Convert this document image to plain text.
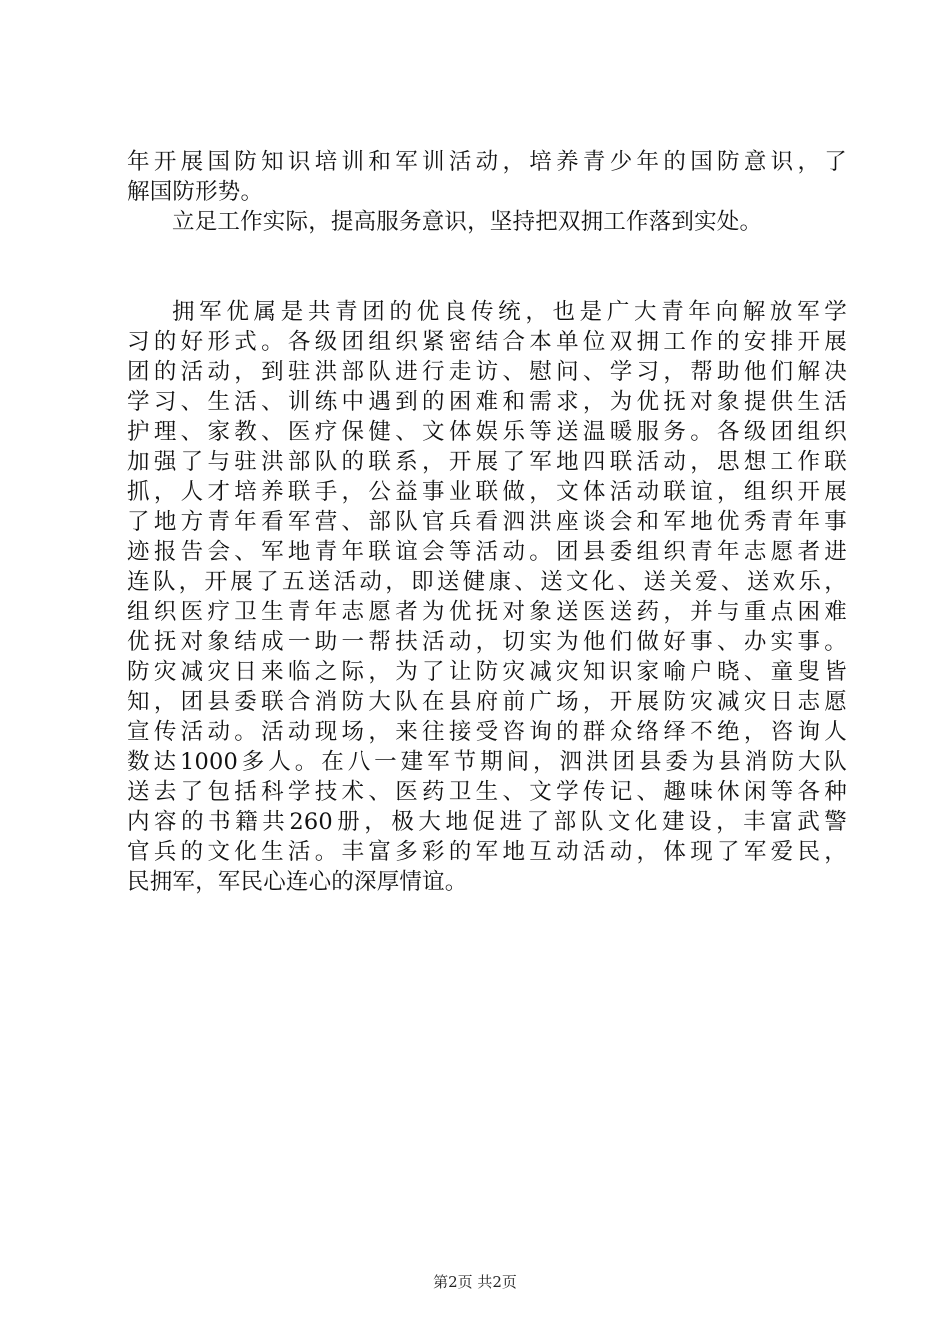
年开展国防知识培训和军训活动，培养青少年的国防意识，了
解国防形势。
立足工作实际，提高服务意识，坚持把双拥工作落到实处。
拥军优属是共青团的优良传统，也是广大青年向解放军学
习的好形式。各级团组织紧密结合本单位双拥工作的安排开展
团的活动，到驻洪部队进行走访、慰问、学习，帮助他们解决
学习、生活、训练中遇到的困难和需求，为优抚对象提供生活
护理、家教、医疗保健、文体娱乐等送温暖服务。各级团组织
加强了与驻洪部队的联系，开展了军地四联活动，思想工作联
抓，人才培养联手，公益事业联做，文体活动联谊，组织开展
了地方青年看军营、部队官兵看泗洪座谈会和军地优秀青年事
迹报告会、军地青年联谊会等活动。团县委组织青年志愿者进
连队，开展了五送活动，即送健康、送文化、送关爱、送欢乐，
组织医疗卫生青年志愿者为优抚对象送医送药，并与重点困难
优抚对象结成一助一帮扶活动，切实为他们做好事、办实事。
防灾减灾日来临之际，为了让防灾减灾知识家喻户晓、童叟皆
知，团县委联合消防大队在县府前广场，开展防灾减灾日志愿
宣传活动。活动现场，来往接受咨询的群众络绎不绝，咨询人
数达1000多人。在八一建军节期间，泗洪团县委为县消防大队
送去了包括科学技术、医药卫生、文学传记、趣味休闲等各种
内容的书籍共260册，极大地促进了部队文化建设，丰富武警
官兵的文化生活。丰富多彩的军地互动活动，体现了军爱民，
民拥军，军民心连心的深厚情谊。
第2页 共2页
